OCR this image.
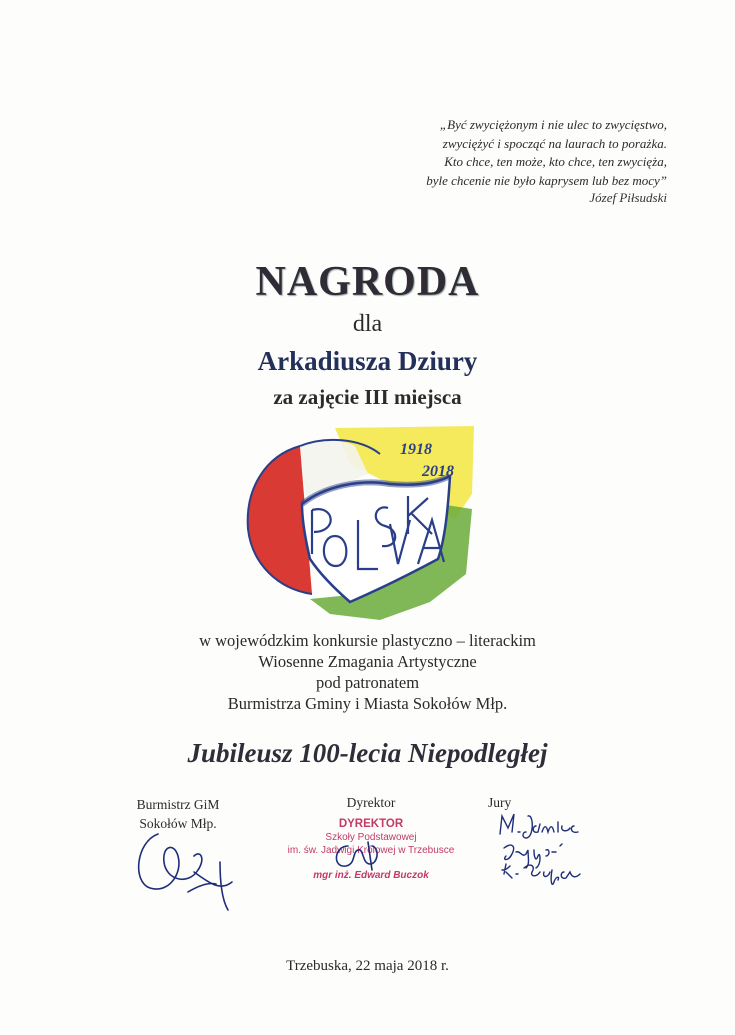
„Być zwyciężonym i nie ulec to zwycięstwo,
zwyciężyć i spocząć na laurach to porażka.
Kto chce, ten może, kto chce, ten zwycięża,
byle chcenie nie było kaprysem lub bez mocy”
Józef Piłsudski
NAGRODA
dla
Arkadiusza Dziury
za zajęcie III miejsca
1918
2018
w wojewódzkim konkursie plastyczno – literackim
Wiosenne Zmagania Artystyczne
pod patronatem
Burmistrza Gminy i Miasta Sokołów Młp.
Jubileusz 100-lecia Niepodległej
Burmistrz GiM
Sokołów Młp.
Dyrektor	Jury
DYREKTOR
Szkoły Podstawowej
im. św. Jadwigi Królowej w Trzebusce
mgr inż. Edward Buczok
Trzebuska, 22 maja 2018 r.
